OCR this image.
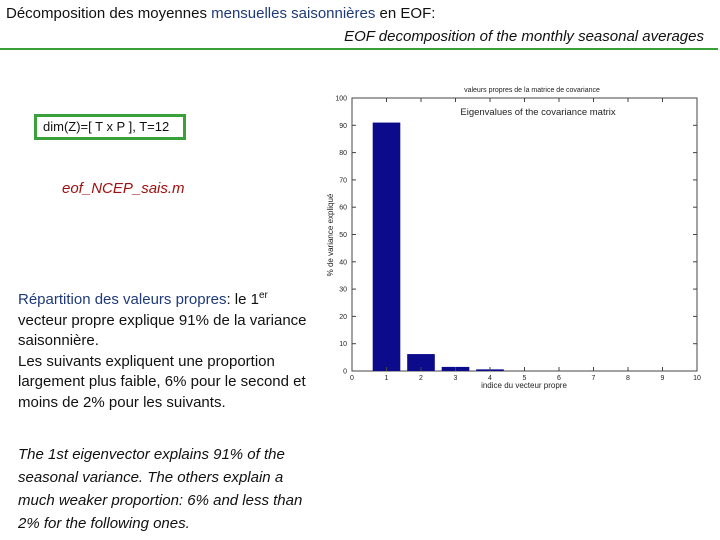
Décomposition des moyennes mensuelles saisonnières en EOF:
EOF decomposition of the monthly seasonal averages
dim(Z)=[ T x P ], T=12
eof_NCEP_sais.m
Répartition des valeurs propres: le 1er
vecteur propre explique 91% de la variance
saisonnière.
Les suivants expliquent une proportion
largement plus faible, 6% pour le second et
moins de 2% pour les suivants.
The 1st eigenvector explains 91% of the
seasonal variance. The others explain a
much weaker proportion: 6% and less than
2% for the following ones.
valeurs propres de la matrice de covariance
Eigenvalues of the covariance matrix
0
10
20
30
40
50
60
70
80
90
100
0	1	2	3	4	5	6	7	8	9	10
% de variance expliqué
indice du vecteur propre
